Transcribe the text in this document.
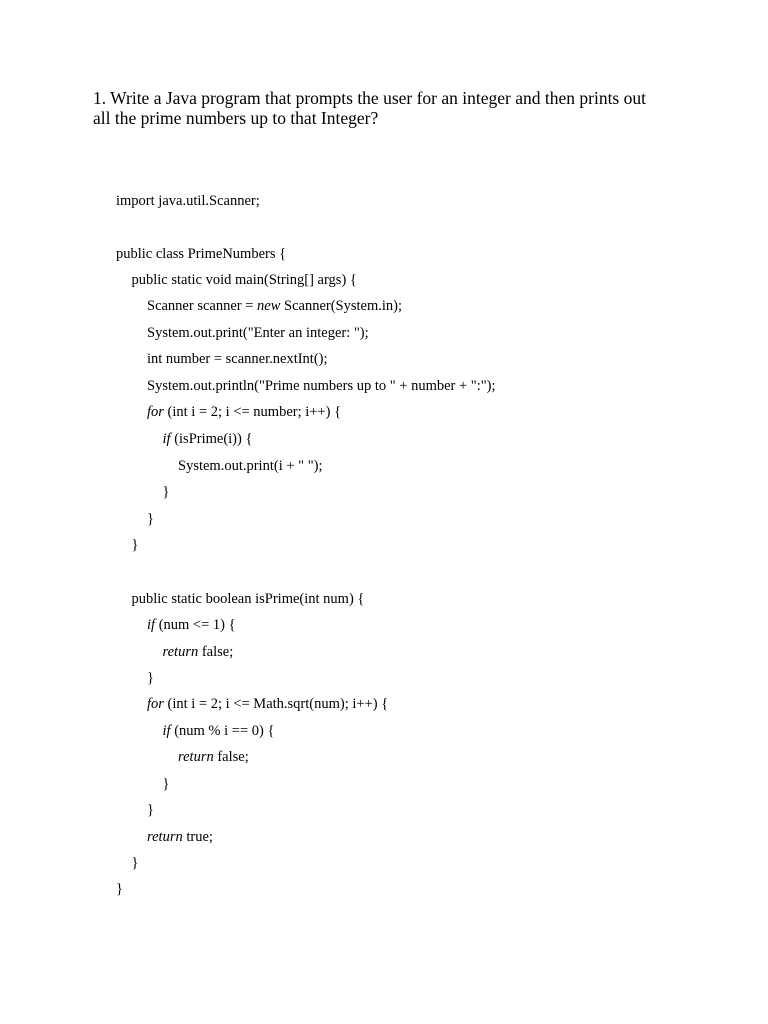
1. Write a Java program that prompts the user for an integer and then prints out
all the prime numbers up to that Integer?

import java.util.Scanner;
public class PrimeNumbers {
public static void main(String[] args) {
Scanner scanner = new Scanner(System.in);
System.out.print("Enter an integer: ");
int number = scanner.nextInt();
System.out.println("Prime numbers up to " + number + ":");
for (int i = 2; i <= number; i++) {
if (isPrime(i)) {
System.out.print(i + " ");
}
}
}
public static boolean isPrime(int num) {
if (num <= 1) {
return false;
}
for (int i = 2; i <= Math.sqrt(num); i++) {
if (num % i == 0) {
return false;
}
}
return true;
}
}
